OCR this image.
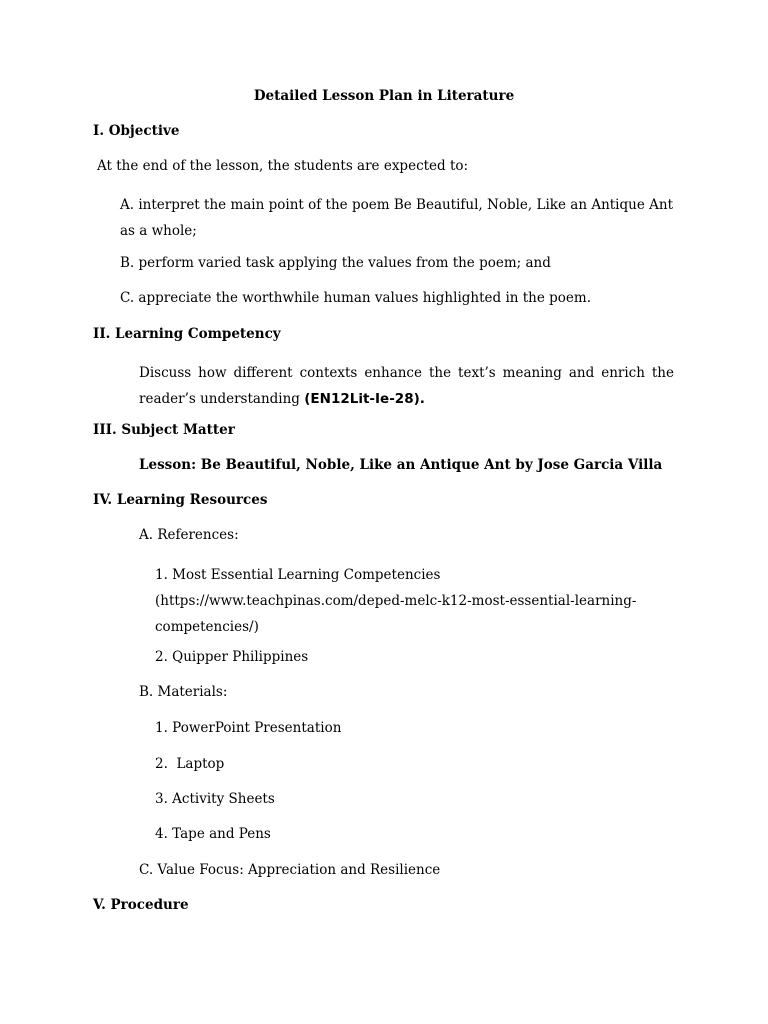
Detailed Lesson Plan in Literature
I. Objective
At the end of the lesson, the students are expected to:
A. interpret the main point of the poem Be Beautiful, Noble, Like an Antique Ant as a whole;
B. perform varied task applying the values from the poem; and
C. appreciate the worthwhile human values highlighted in the poem.
II. Learning Competency
Discuss how different contexts enhance the text’s meaning and enrich the reader’s understanding (EN12Lit-Ie-28).
III. Subject Matter
Lesson: Be Beautiful, Noble, Like an Antique Ant by Jose Garcia Villa
IV. Learning Resources
A. References:
1. Most Essential Learning Competencies (https://www.teachpinas.com/deped-melc-k12-most-essential-learning-competencies/)
2. Quipper Philippines
B. Materials:
1. PowerPoint Presentation
2.  Laptop
3. Activity Sheets
4. Tape and Pens
C. Value Focus: Appreciation and Resilience
V. Procedure
